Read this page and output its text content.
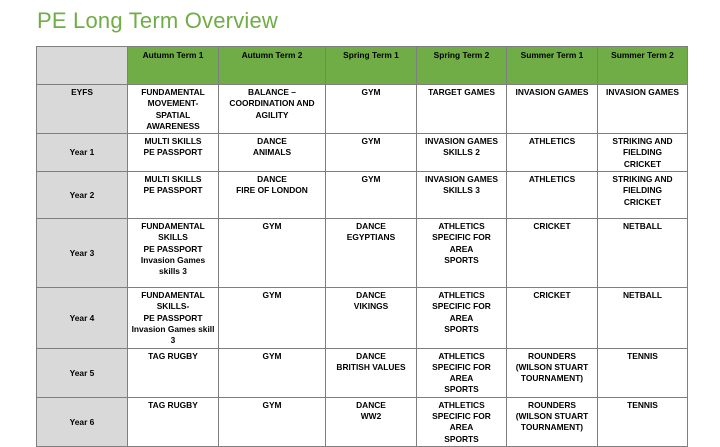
PE Long Term Overview
	Autumn Term 1	Autumn Term 2	Spring Term 1	Spring Term 2	Summer Term 1	Summer Term 2
EYFS	FUNDAMENTAL
MOVEMENT-
SPATIAL
AWARENESS	BALANCE –
COORDINATION AND
AGILITY	GYM	TARGET GAMES	INVASION GAMES	INVASION GAMES
Year 1	MULTI SKILLS
PE PASSPORT	DANCE
ANIMALS	GYM	INVASION GAMES
SKILLS 2	ATHLETICS	STRIKING AND
FIELDING
CRICKET
Year 2	MULTI SKILLS
PE PASSPORT	DANCE
FIRE OF LONDON	GYM	INVASION GAMES
SKILLS 3	ATHLETICS	STRIKING AND
FIELDING
CRICKET
Year 3	FUNDAMENTAL
SKILLS
PE PASSPORT
Invasion Games
skills 3	GYM	DANCE
EGYPTIANS	ATHLETICS
SPECIFIC FOR AREA
SPORTS	CRICKET	NETBALL
Year 4	FUNDAMENTAL
SKILLS-
PE PASSPORT
Invasion Games skill
3	GYM	DANCE
VIKINGS	ATHLETICS
SPECIFIC FOR AREA
SPORTS	CRICKET	NETBALL
Year 5	TAG RUGBY	GYM	DANCE
BRITISH VALUES	ATHLETICS
SPECIFIC FOR AREA
SPORTS	ROUNDERS
(WILSON STUART
TOURNAMENT)	TENNIS
Year 6	TAG RUGBY	GYM	DANCE
WW2	ATHLETICS
SPECIFIC FOR AREA
SPORTS	ROUNDERS
(WILSON STUART
TOURNAMENT)	TENNIS
